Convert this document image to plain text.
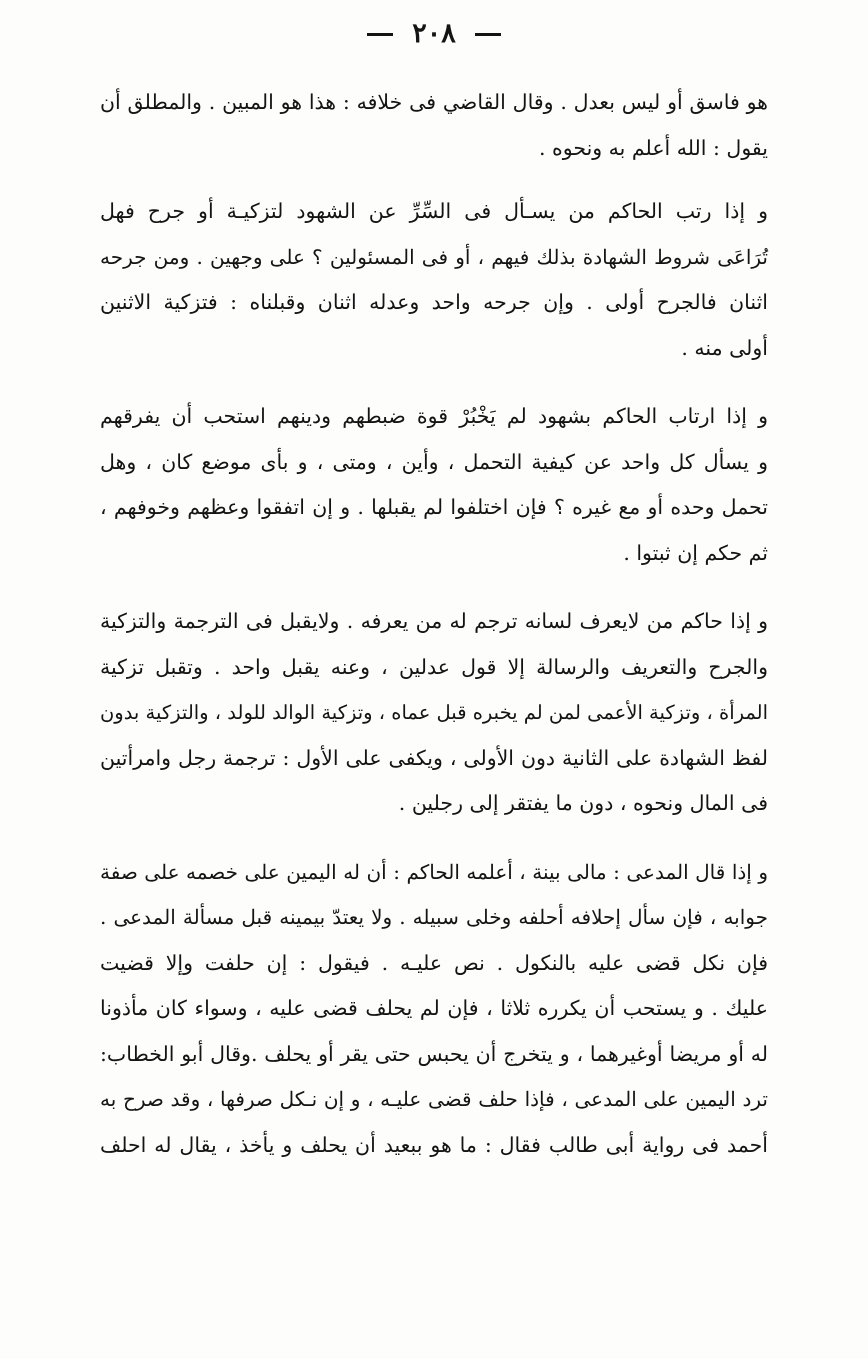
٢٠٨
هو فاسق أو ليس بعدل . وقال القاضي فى خلافه : هذا هو المبين . والمطلق أن
يقول : الله أعلم به ونحوه .
و إذا رتب الحاكم من يسـأل فى السِّرِّ عن الشهود لتزكيـة أو جرح فهل
تُرَاعَى شروط الشهادة بذلك فيهم ، أو فى المسئولين ؟ على وجهين . ومن جرحه
اثنان فالجرح أولى . وإن جرحه واحد وعدله اثنان وقبلناه : فتزكية الاثنين
أولى منه .
و إذا ارتاب الحاكم بشهود لم يَخْبُرْ قوة ضبطهم ودينهم استحب أن يفرقهم
و يسأل كل واحد عن كيفية التحمل ، وأين ، ومتى ، و بأى موضع كان ، وهل
تحمل وحده أو مع غيره ؟ فإن اختلفوا لم يقبلها . و إن اتفقوا وعظهم وخوفهم ،
ثم حكم إن ثبتوا .
و إذا حاكم من لايعرف لسانه ترجم له من يعرفه . ولايقبل فى الترجمة والتزكية
والجرح والتعريف والرسالة إلا قول عدلين ، وعنه يقبل واحد . وتقبل تزكية
المرأة ، وتزكية الأعمى لمن لم يخبره قبل عماه ، وتزكية الوالد للولد ، والتزكية بدون
لفظ الشهادة على الثانية دون الأولى ، ويكفى على الأول : ترجمة رجل وامرأتين
فى المال ونحوه ، دون ما يفتقر إلى رجلين .
و إذا قال المدعى : مالى بينة ، أعلمه الحاكم : أن له اليمين على خصمه على صفة
جوابه ، فإن سأل إحلافه أحلفه وخلى سبيله . ولا يعتدّ بيمينه قبل مسألة المدعى .
فإن نكل قضى عليه بالنكول . نص عليـه . فيقول : إن حلفت وإلا قضيت
عليك . و يستحب أن يكرره ثلاثا ، فإن لم يحلف قضى عليه ، وسواء كان مأذونا
له أو مريضا أوغيرهما ، و يتخرج أن يحبس حتى يقر أو يحلف .وقال أبو الخطاب:
ترد اليمين على المدعى ، فإذا حلف قضى عليـه ، و إن نـكل صرفها ، وقد صرح به
أحمد فى رواية أبى طالب فقال : ما هو ببعيد أن يحلف و يأخذ ، يقال له احلف
